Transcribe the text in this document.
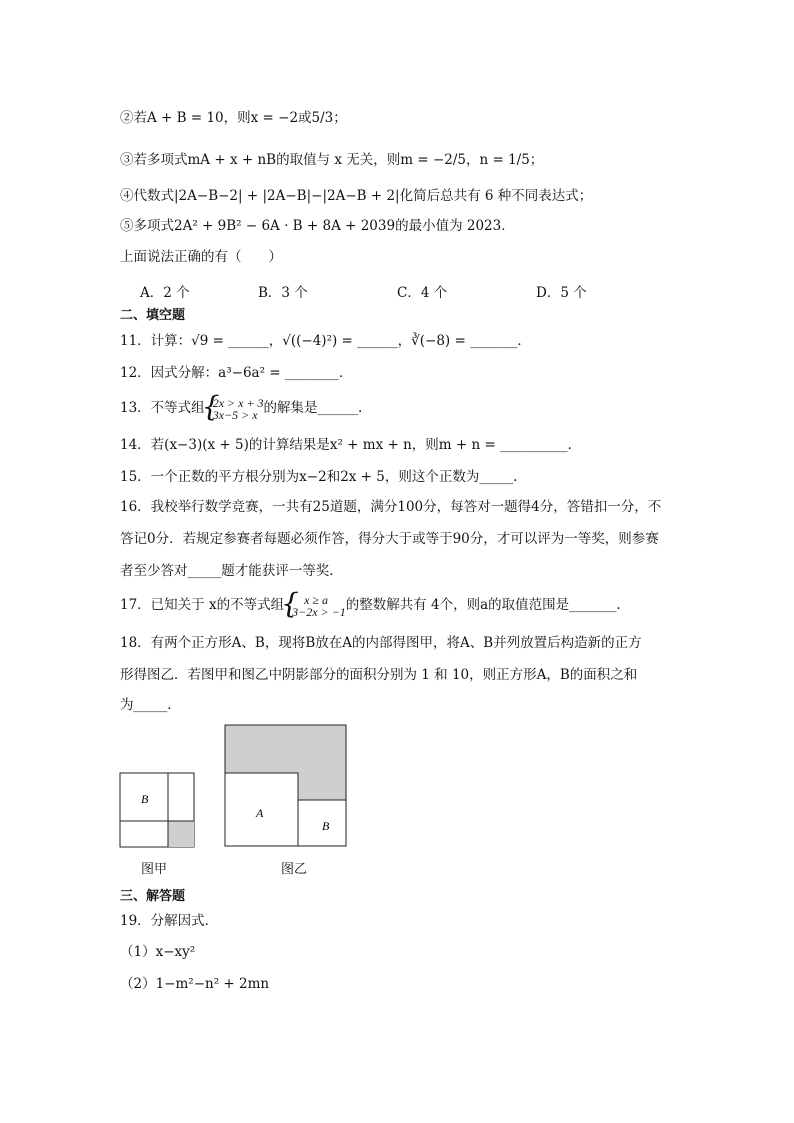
②若A + B = 10，则x = −2或5/3；
③若多项式mA + x + nB的取值与 x 无关，则m = −2/5，n = 1/5；
④代数式|2A−B−2| + |2A−B|−|2A−B + 2|化简后总共有 6 种不同表达式；
⑤多项式2A² + 9B² − 6A · B + 8A + 2039的最小值为 2023．
上面说法正确的有（　　）
A．2 个	B．3 个	C．4 个	D．5 个
二、填空题
11．计算：√9 = ______，√((−4)²) = ______，∛(−8) = _______．
12．因式分解：a³−6a² = ________．
13．不等式组 { 2x > x + 3
3x−5 > x 的解集是______.
14．若(x−3)(x + 5)的计算结果是x² + mx + n，则m + n = __________．
15．一个正数的平方根分别为x−2和2x + 5，则这个正数为_____.
16．我校举行数学竞赛，一共有25道题，满分100分，每答对一题得4分，答错扣一分，不
答记0分．若规定参赛者每题必须作答，得分大于或等于90分，才可以评为一等奖，则参赛
者至少答对_____题才能获评一等奖．
17．已知关于 x的不等式组	{ x ≥ a
3−2x > −1 的整数解共有 4个，则a的取值范围是_______.
18．有两个正方形A、B，现将B放在A的内部得图甲，将A、B并列放置后构造新的正方
形得图乙．若图甲和图乙中阴影部分的面积分别为 1 和 10，则正方形A，B的面积之和
为_____．
B
图甲
A
B
图乙
三、解答题
19．分解因式．
（1）x−xy²
（2）1−m²−n² + 2mn
